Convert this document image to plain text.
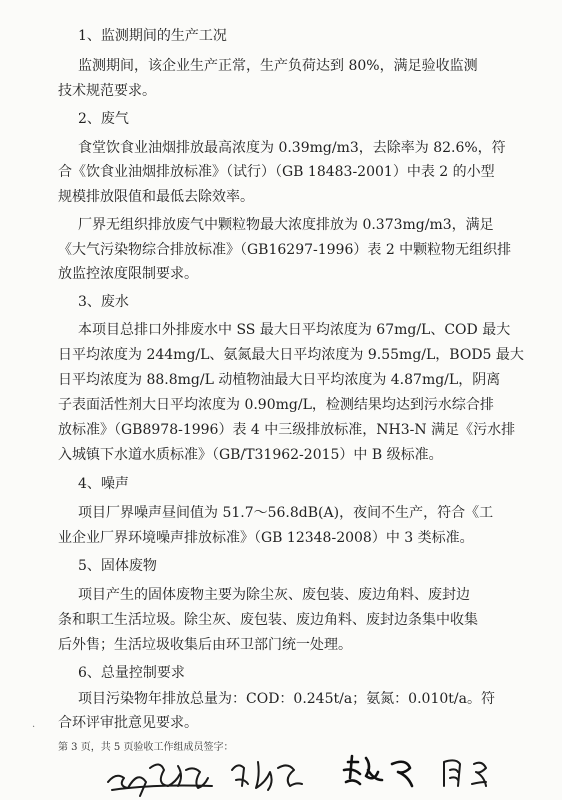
1、监测期间的生产工况
监测期间，该企业生产正常，生产负荷达到 80%，满足验收监测
技术规范要求。
2、废气
食堂饮食业油烟排放最高浓度为 0.39mg/m3，去除率为 82.6%，符
合《饮食业油烟排放标准》（试行）（GB 18483-2001）中表 2 的小型
规模排放限值和最低去除效率。
厂界无组织排放废气中颗粒物最大浓度排放为 0.373mg/m3，满足
《大气污染物综合排放标准》（GB16297-1996）表 2 中颗粒物无组织排
放监控浓度限制要求。
3、废水
本项目总排口外排废水中 SS 最大日平均浓度为 67mg/L、COD 最大
日平均浓度为 244mg/L、氨氮最大日平均浓度为 9.55mg/L，BOD5 最大
日平均浓度为 88.8mg/L 动植物油最大日平均浓度为 4.87mg/L，阴离
子表面活性剂大日平均浓度为 0.90mg/L，检测结果均达到污水综合排
放标准》（GB8978-1996）表 4 中三级排放标准，NH3-N 满足《污水排
入城镇下水道水质标准》（GB/T31962-2015）中 B 级标准。
4、噪声
项目厂界噪声昼间值为 51.7～56.8dB(A)，夜间不生产，符合《工
业企业厂界环境噪声排放标准》（GB 12348-2008）中 3 类标准。
5、固体废物
项目产生的固体废物主要为除尘灰、废包装、废边角料、废封边
条和职工生活垃圾。除尘灰、废包装、废边角料、废封边条集中收集
后外售；生活垃圾收集后由环卫部门统一处理。
6、总量控制要求
项目污染物年排放总量为：COD：0.245t/a；氨氮：0.010t/a。符
合环评审批意见要求。
·
第 3 页，共 5 页验收工作组成员签字：
